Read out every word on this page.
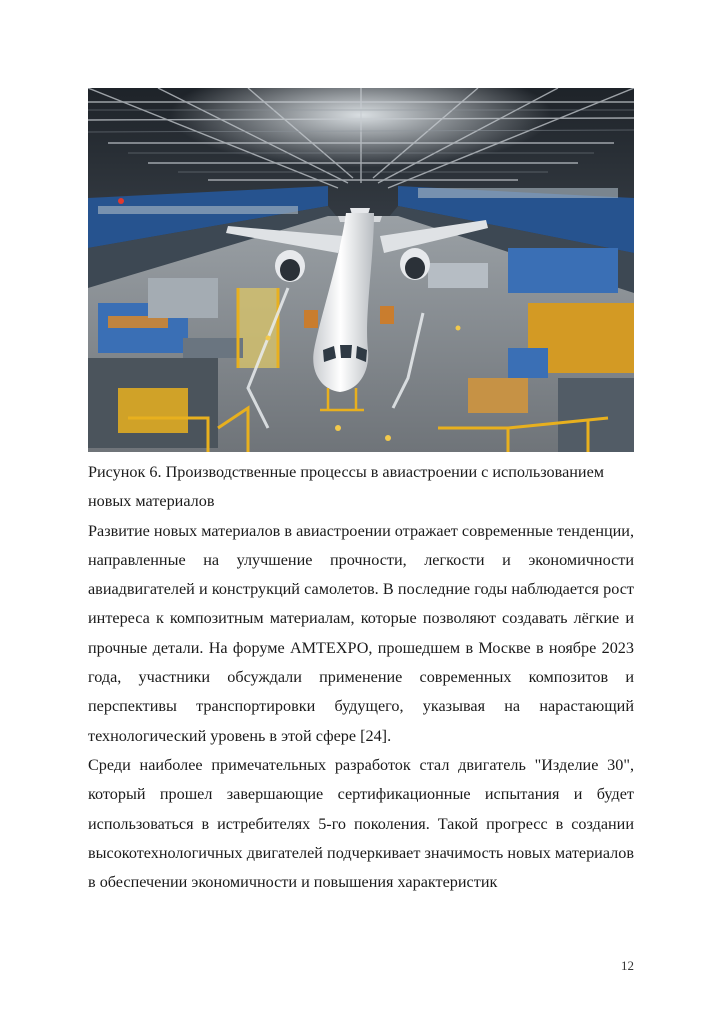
Рисунок 6. Производственные процессы в авиастроении с использованием новых материалов

Развитие новых материалов в авиастроении отражает современные тенденции, направленные на улучшение прочности, легкости и экономичности авиадвигателей и конструкций самолетов. В последние годы наблюдается рост интереса к композитным материалам, которые позволяют создавать лёгкие и прочные детали. На форуме АМТЕХРО, прошедшем в Москве в ноябре 2023 года, участники обсуждали применение современных композитов и перспективы транспортировки будущего, указывая на нарастающий технологический уровень в этой сфере [24].

Среди наиболее примечательных разработок стал двигатель "Изделие 30", который прошел завершающие сертификационные испытания и будет использоваться в истребителях 5-го поколения. Такой прогресс в создании высокотехнологичных двигателей подчеркивает значимость новых материалов в обеспечении экономичности и повышения характеристик

12
